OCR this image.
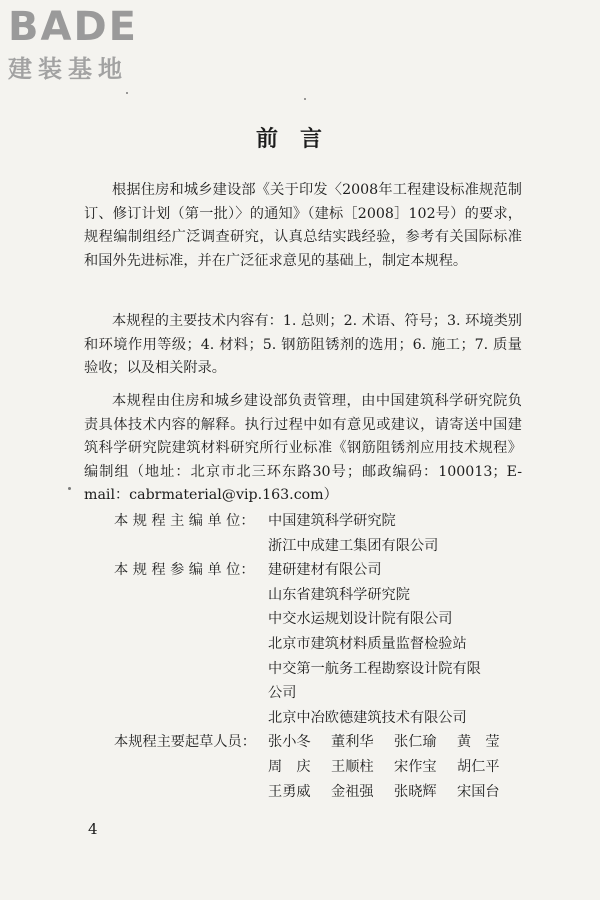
BADE
建装基地
前言

根据住房和城乡建设部《关于印发〈2008年工程建设标准规范制订、修订计划（第一批）〉的通知》（建标［2008］102号）的要求，规程编制组经广泛调查研究，认真总结实践经验，参考有关国际标准和国外先进标准，并在广泛征求意见的基础上，制定本规程。

本规程的主要技术内容有：1. 总则；2. 术语、符号；3. 环境类别和环境作用等级；4. 材料；5. 钢筋阻锈剂的选用；6. 施工；7. 质量验收；以及相关附录。

本规程由住房和城乡建设部负责管理，由中国建筑科学研究院负责具体技术内容的解释。执行过程中如有意见或建议，请寄送中国建筑科学研究院建筑材料研究所行业标准《钢筋阻锈剂应用技术规程》编制组（地址：北京市北三环东路30号；邮政编码：100013；E-mail：cabrmaterial@vip.163.com）

本 规 程 主 编 单 位： 中国建筑科学研究院
浙江中成建工集团有限公司
本 规 程 参 编 单 位： 建研建材有限公司
山东省建筑科学研究院
中交水运规划设计院有限公司
北京市建筑材料质量监督检验站
中交第一航务工程勘察设计院有限
公司
北京中冶欧德建筑技术有限公司
本规程主要起草人员： 张小冬	董利华	张仁瑜	黄　莹
周　庆	王顺柱	宋作宝	胡仁平
王勇威	金祖强	张晓辉	宋国台
4
